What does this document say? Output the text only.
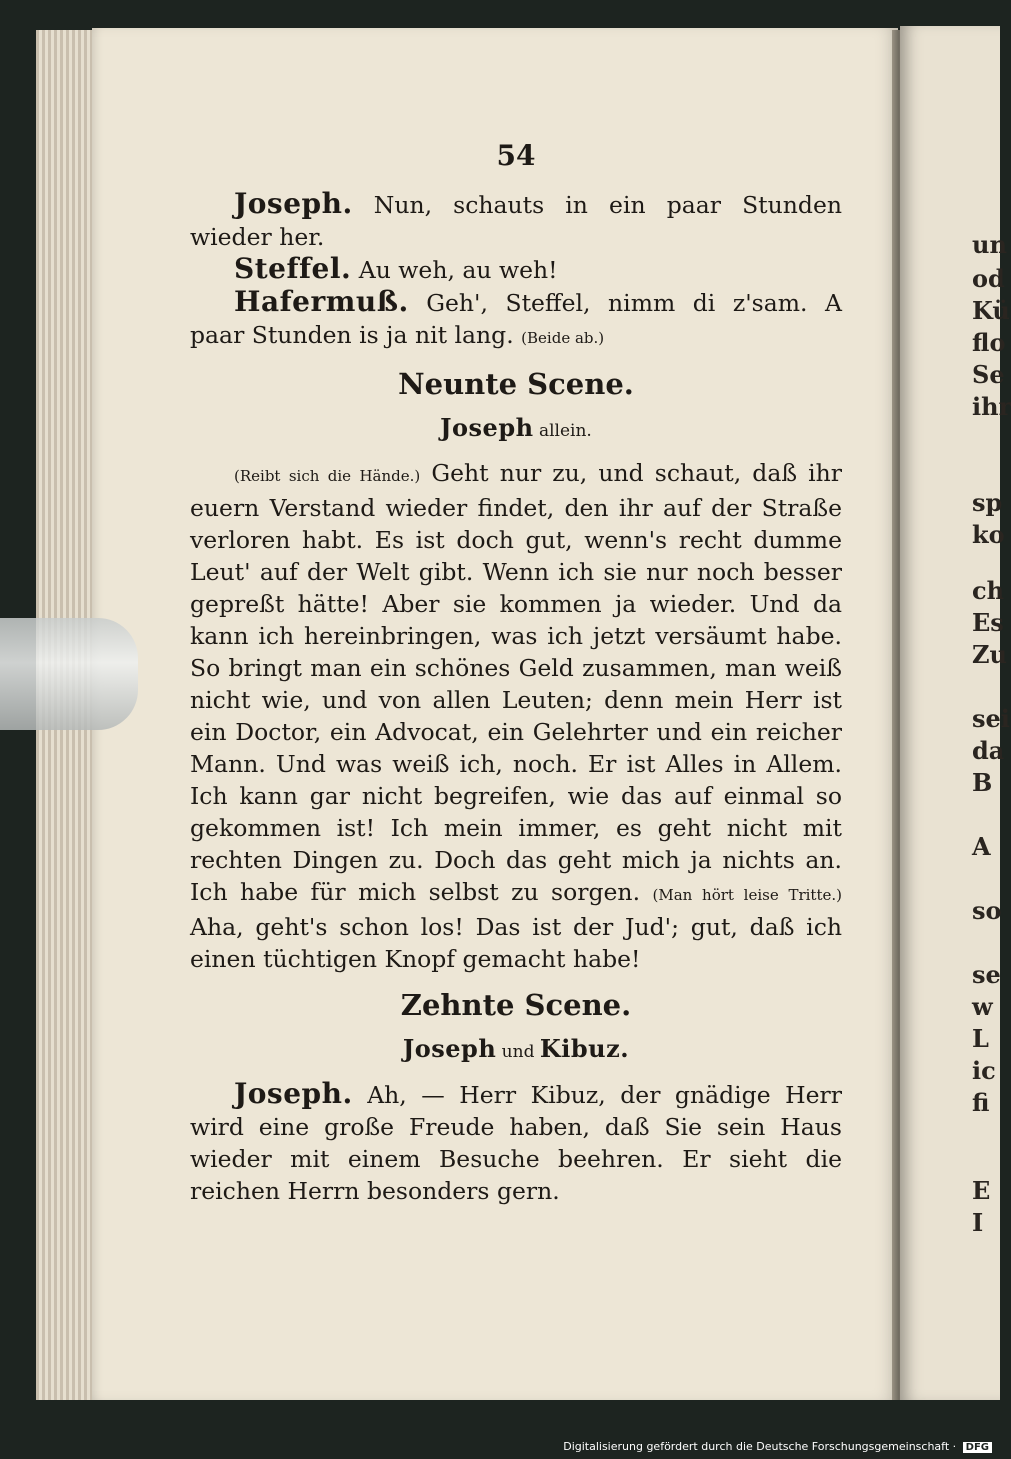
un
od
Kü
flo
Se
ihr
sp
ko
ch
Es
Zu
sei
da
B
A
so
se
w
L
ic
fi
E
I
54

Joseph. Nun, schauts in ein paar Stunden wieder her.

Steffel. Au weh, au weh!

Hafermuß. Geh', Steffel, nimm di z'sam. A paar Stunden is ja nit lang. (Beide ab.)

Neunte Scene.
Joseph allein.

(Reibt sich die Hände.) Geht nur zu, und schaut, daß ihr euern Verstand wieder findet, den ihr auf der Straße verloren habt. Es ist doch gut, wenn's recht dumme Leut' auf der Welt gibt. Wenn ich sie nur noch besser gepreßt hätte! Aber sie kommen ja wieder. Und da kann ich hereinbringen, was ich jetzt versäumt habe. So bringt man ein schönes Geld zusammen, man weiß nicht wie, und von allen Leuten; denn mein Herr ist ein Doctor, ein Advocat, ein Gelehrter und ein reicher Mann. Und was weiß ich, noch. Er ist Alles in Allem. Ich kann gar nicht begreifen, wie das auf einmal so gekommen ist! Ich mein immer, es geht nicht mit rechten Dingen zu. Doch das geht mich ja nichts an. Ich habe für mich selbst zu sorgen. (Man hört leise Tritte.) Aha, geht's schon los! Das ist der Jud'; gut, daß ich einen tüchtigen Knopf gemacht habe!

Zehnte Scene.
Joseph und Kibuz.

Joseph. Ah, — Herr Kibuz, der gnädige Herr wird eine große Freude haben, daß Sie sein Haus wieder mit einem Besuche beehren. Er sieht die reichen Herrn besonders gern.

Digitalisierung gefördert durch die Deutsche Forschungsgemeinschaft · DFG
